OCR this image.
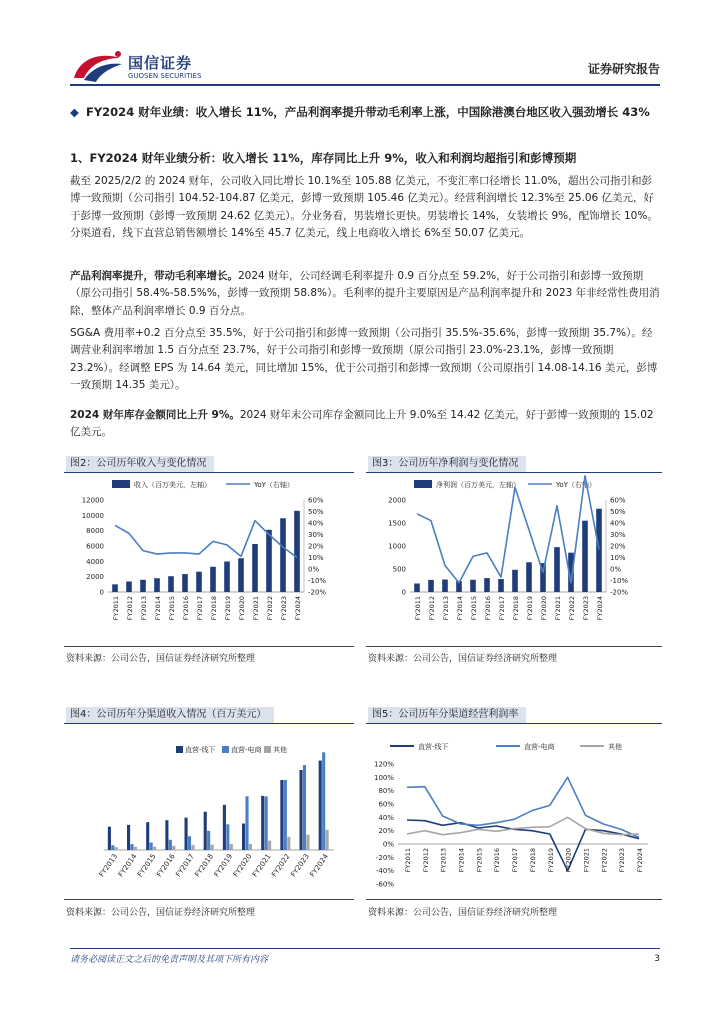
国信证券
GUOSEN SECURITIES	证券研究报告
◆ FY2024 财年业绩：收入增长 11%，产品利润率提升带动毛利率上涨，中国除港澳台地区收入强劲增长 43%
1、FY2024 财年业绩分析：收入增长 11%，库存同比上升 9%，收入和利润均超指引和彭博预期
截至 2025/2/2 的 2024 财年，公司收入同比增长 10.1%至 105.88 亿美元，不变汇率口径增长 11.0%，超出公司指引和彭博一致预期（公司指引 104.52-104.87 亿美元，彭博一致预期 105.46 亿美元）。经营利润增长 12.3%至 25.06 亿美元，好于彭博一致预期（彭博一致预期 24.62 亿美元）。分业务看，男装增长更快。男装增长 14%，女装增长 9%，配饰增长 10%。分渠道看，线下直营总销售额增长 14%至 45.7 亿美元，线上电商收入增长 6%至 50.07 亿美元。
产品利润率提升，带动毛利率增长。2024 财年，公司经调毛利率提升 0.9 百分点至 59.2%，好于公司指引和彭博一致预期（原公司指引 58.4%-58.5%%，彭博一致预期 58.8%）。毛利率的提升主要原因是产品利润率提升和 2023 年非经常性费用消除，整体产品利润率增长 0.9 百分点。
SG&A 费用率+0.2 百分点至 35.5%，好于公司指引和彭博一致预期（公司指引 35.5%-35.6%，彭博一致预期 35.7%）。经调营业利润率增加 1.5 百分点至 23.7%，好于公司指引和彭博一致预期（原公司指引 23.0%-23.1%，彭博一致预期 23.2%）。经调整 EPS 为 14.64 美元，同比增加 15%，优于公司指引和彭博一致预期（公司原指引 14.08-14.16 美元，彭博一致预期 14.35 美元）。
2024 财年库存金额同比上升 9%。2024 财年末公司库存金额同比上升 9.0%至 14.42 亿美元，好于彭博一致预期的 15.02 亿美元。
图2：公司历年收入与变化情况	图3：公司历年净利润与变化情况
收入（百万美元，左轴）	YoY（右轴）
0
2000
4000
6000
8000
10000
12000
-20%
-10%
0%
10%
20%
30%
40%
50%
60%
FY2011 FY2012 FY2013 FY2014 FY2015 FY2016 FY2017 FY2018 FY2019 FY2020 FY2021 FY2022 FY2023 FY2024
净利润（百万美元，左轴）	YoY（右轴）
0
500
1000
1500
2000
-20%
-10%
0%
10%
20%
30%
40%
50%
60%
FY2011 FY2012 FY2013 FY2014 FY2015 FY2016 FY2017 FY2018 FY2019 FY2020 FY2021 FY2022 FY2023 FY2024
资料来源：公司公告，国信证券经济研究所整理	资料来源：公司公告，国信证券经济研究所整理
图4：公司历年分渠道收入情况（百万美元）	图5：公司历年分渠道经营利润率
直营-线下 直营-电商 其他
FY2013
FY2014
FY2015
FY2016
FY2017
FY2018
FY2019
FY2020
FY2021
FY2022
FY2023
FY2024
直营-线下	直营-电商	其他
-60%
-40%
-20%
0%
20%
40%
60%
80%
100%
120%
FY2011 FY2012 FY2013 FY2014 FY2015 FY2016 FY2017 FY2018 FY2019 FY2020 FY2021 FY2022 FY2023 FY2024
资料来源：公司公告，国信证券经济研究所整理	资料来源：公司公告，国信证券经济研究所整理
请务必阅读正文之后的免责声明及其项下所有内容	3
